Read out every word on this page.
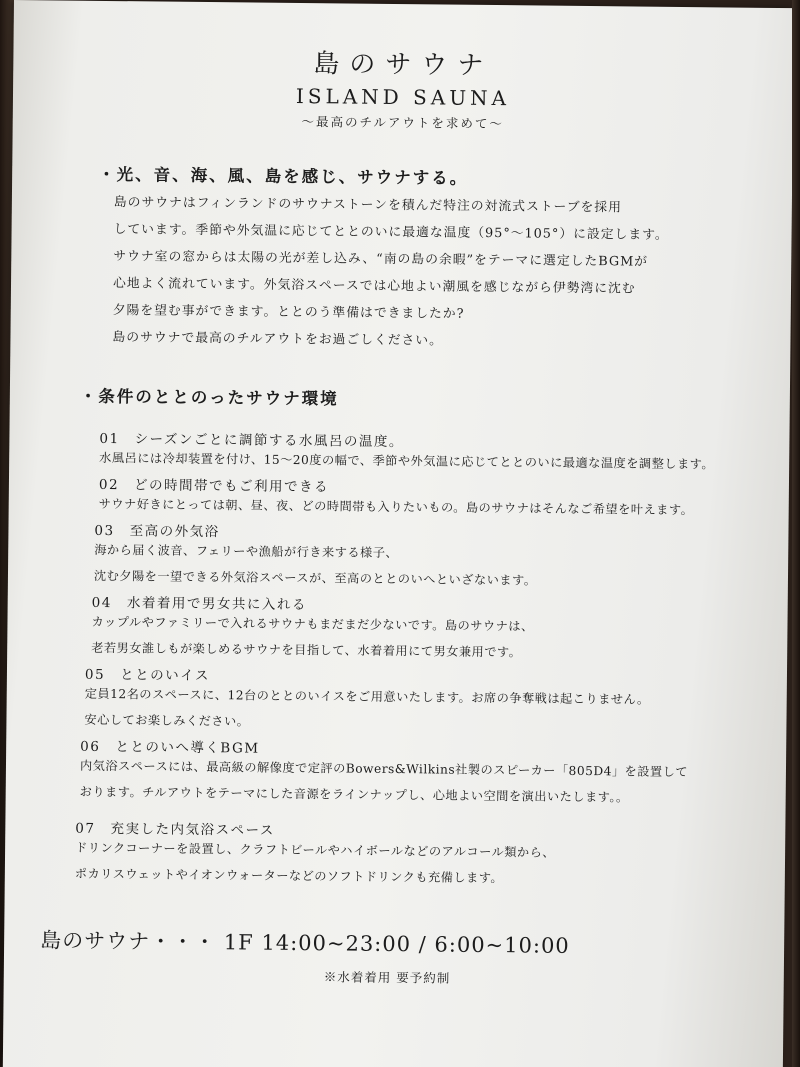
島のサウナ
ISLAND SAUNA

～最高のチルアウトを求めて～

・光、音、海、風、島を感じ、サウナする。

島のサウナはフィンランドのサウナストーンを積んだ特注の対流式ストーブを採用
しています。季節や外気温に応じてととのいに最適な温度（95°～105°）に設定します。
サウナ室の窓からは太陽の光が差し込み、“南の島の余暇”をテーマに選定したBGMが
心地よく流れています。外気浴スペースでは心地よい潮風を感じながら伊勢湾に沈む
夕陽を望む事ができます。ととのう準備はできましたか?
島のサウナで最高のチルアウトをお過ごしください。

・条件のととのったサウナ環境
01　シーズンごとに調節する水風呂の温度。
水風呂には冷却装置を付け、15～20度の幅で、季節や外気温に応じてととのいに最適な温度を調整します。
02　どの時間帯でもご利用できる
サウナ好きにとっては朝、昼、夜、どの時間帯も入りたいもの。島のサウナはそんなご希望を叶えます。
03　至高の外気浴
海から届く波音、フェリーや漁船が行き来する様子、
沈む夕陽を一望できる外気浴スペースが、至高のととのいへといざないます。
04　水着着用で男女共に入れる
カップルやファミリーで入れるサウナもまだまだ少ないです。島のサウナは、
老若男女誰しもが楽しめるサウナを目指して、水着着用にて男女兼用です。
05　ととのいイス
定員12名のスペースに、12台のととのいイスをご用意いたします。お席の争奪戦は起こりません。
安心してお楽しみください。
06　ととのいへ導くBGM
内気浴スペースには、最高級の解像度で定評のBowers&Wilkins社製のスピーカー「805D4」を設置して
おります。チルアウトをテーマにした音源をラインナップし、心地よい空間を演出いたします。。
07　充実した内気浴スペース
ドリンクコーナーを設置し、クラフトビールやハイボールなどのアルコール類から、
ポカリスウェットやイオンウォーターなどのソフトドリンクも充備します。

島のサウナ・・・ 1F 14:00~23:00 / 6:00~10:00

※水着着用 要予約制
